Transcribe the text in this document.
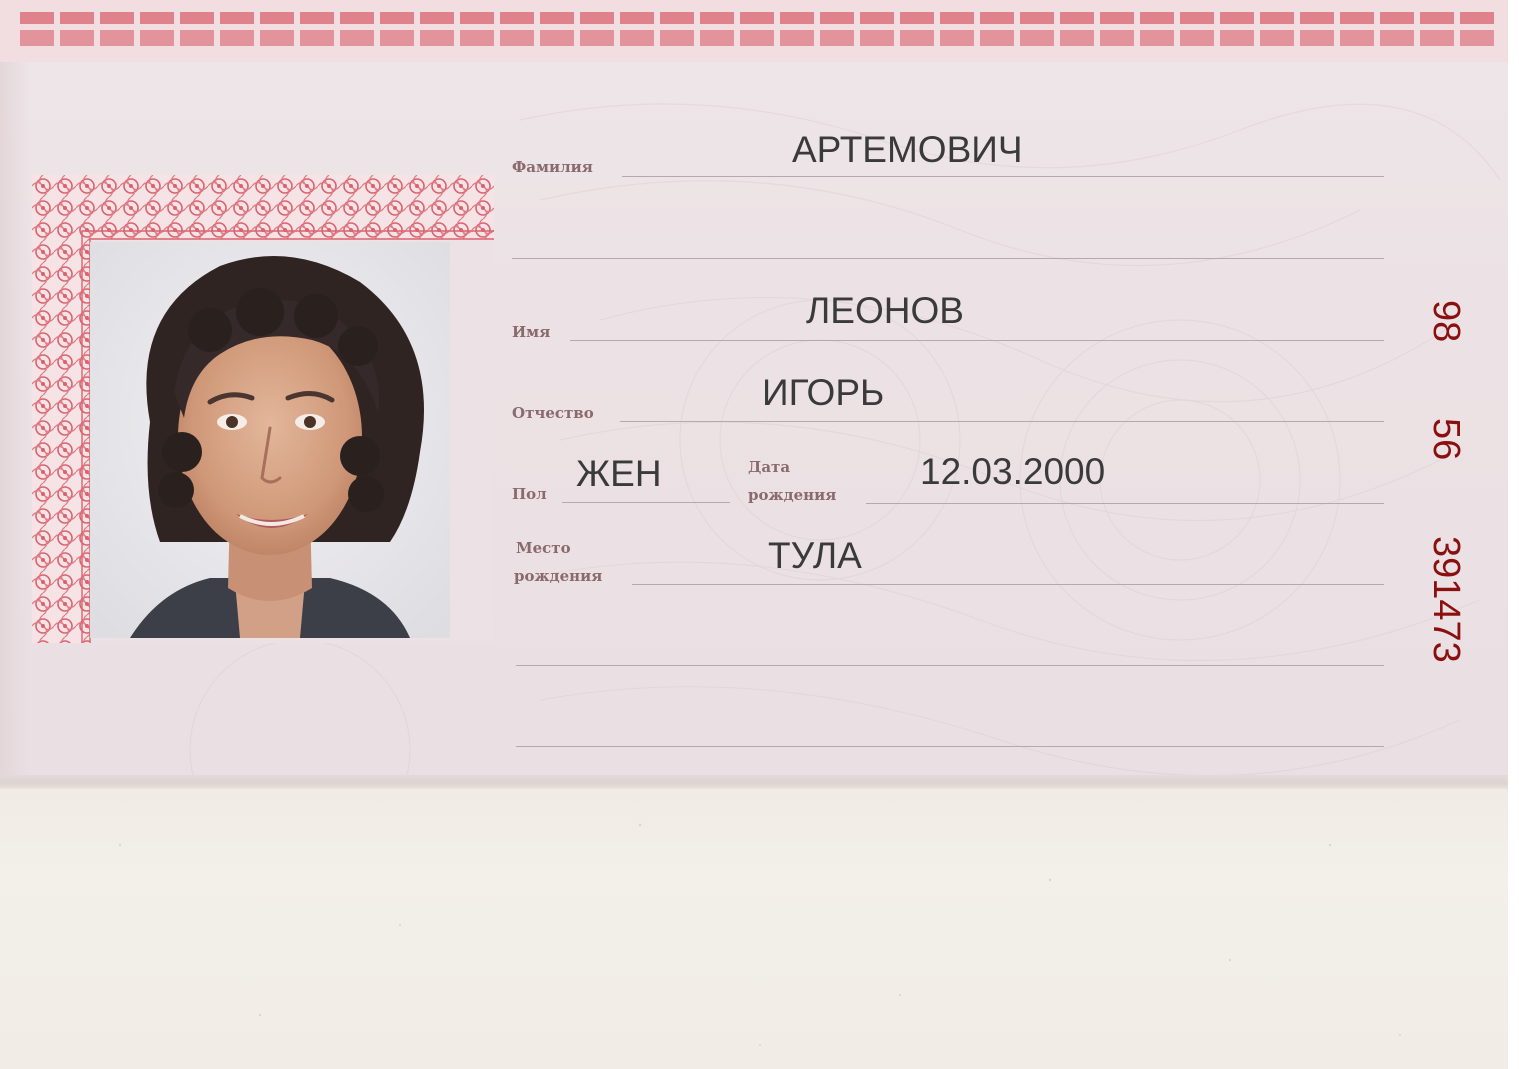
Фамилия
Имя
Отчество
Пол
Дата
рождения
Место
рождения
АРТЕМОВИЧ
ЛЕОНОВ
ИГОРЬ
ЖЕН	12.03.2000
ТУЛА
98
56
391473
